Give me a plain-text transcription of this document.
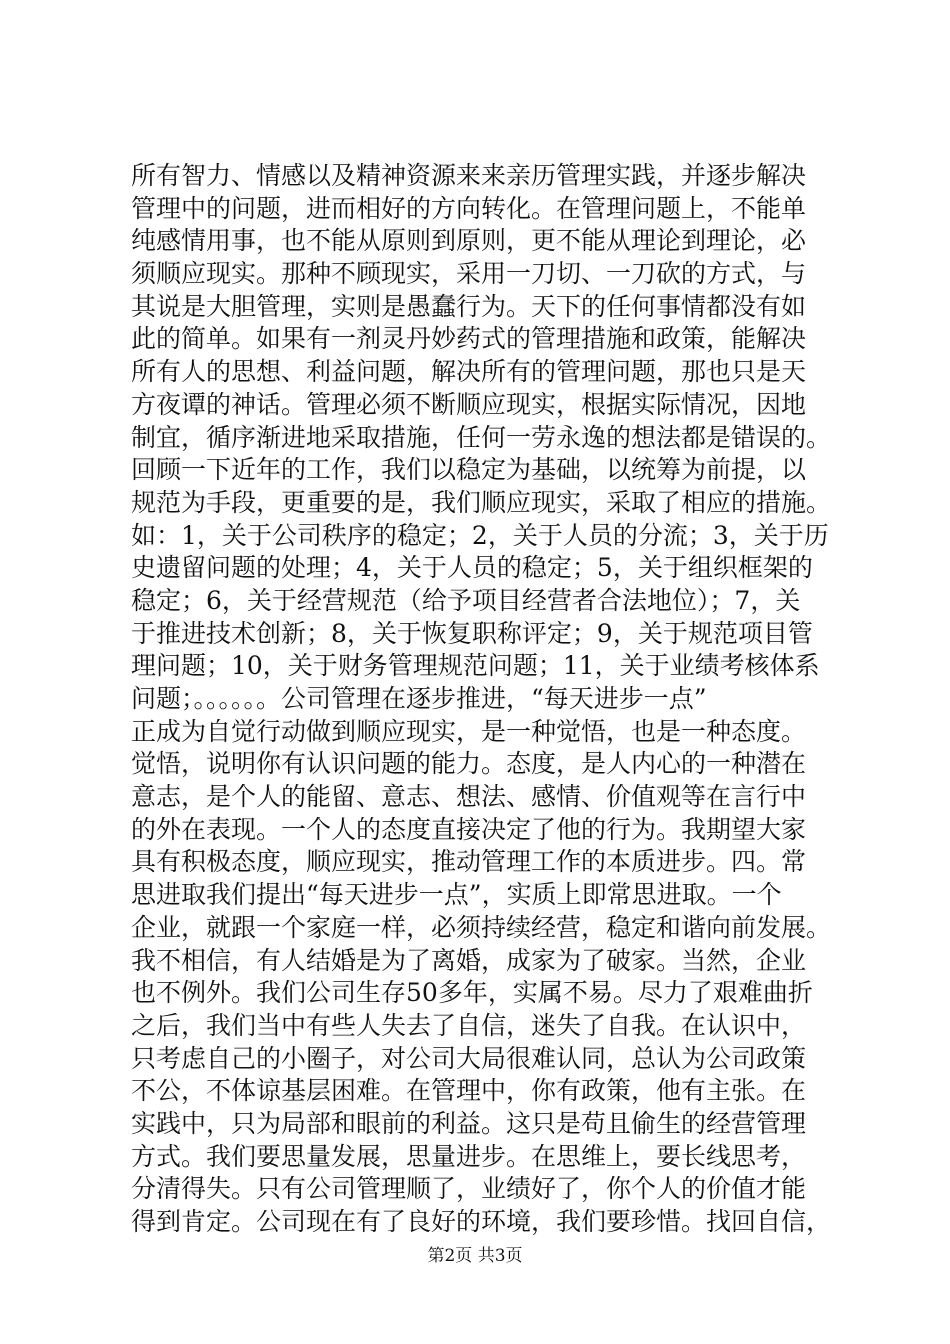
所有智力、情感以及精神资源来来亲历管理实践，并逐步解决
管理中的问题，进而相好的方向转化。在管理问题上，不能单
纯感情用事，也不能从原则到原则，更不能从理论到理论，必
须顺应现实。那种不顾现实，采用一刀切、一刀砍的方式，与
其说是大胆管理，实则是愚蠢行为。天下的任何事情都没有如
此的简单。如果有一剂灵丹妙药式的管理措施和政策，能解决
所有人的思想、利益问题，解决所有的管理问题，那也只是天
方夜谭的神话。管理必须不断顺应现实，根据实际情况，因地
制宜，循序渐进地采取措施，任何一劳永逸的想法都是错误的。
回顾一下近年的工作，我们以稳定为基础，以统筹为前提，以
规范为手段，更重要的是，我们顺应现实，采取了相应的措施。
如：1，关于公司秩序的稳定；2，关于人员的分流；3，关于历
史遗留问题的处理；4，关于人员的稳定；5，关于组织框架的
稳定；6，关于经营规范（给予项目经营者合法地位）；7，关
于推进技术创新；8，关于恢复职称评定；9，关于规范项目管
理问题；10，关于财务管理规范问题；11，关于业绩考核体系
问题；。。。。。。公司管理在逐步推进，“每天进步一点”
正成为自觉行动做到顺应现实，是一种觉悟，也是一种态度。
觉悟，说明你有认识问题的能力。态度，是人内心的一种潜在
意志，是个人的能留、意志、想法、感情、价值观等在言行中
的外在表现。一个人的态度直接决定了他的行为。我期望大家
具有积极态度，顺应现实，推动管理工作的本质进步。四。常
思进取我们提出“每天进步一点”，实质上即常思进取。一个
企业，就跟一个家庭一样，必须持续经营，稳定和谐向前发展。
我不相信，有人结婚是为了离婚，成家为了破家。当然，企业
也不例外。我们公司生存50多年，实属不易。尽力了艰难曲折
之后，我们当中有些人失去了自信，迷失了自我。在认识中，
只考虑自己的小圈子，对公司大局很难认同，总认为公司政策
不公，不体谅基层困难。在管理中，你有政策，他有主张。在
实践中，只为局部和眼前的利益。这只是苟且偷生的经营管理
方式。我们要思量发展，思量进步。在思维上，要长线思考，
分清得失。只有公司管理顺了，业绩好了，你个人的价值才能
得到肯定。公司现在有了良好的环境，我们要珍惜。找回自信，
第2页 共3页
